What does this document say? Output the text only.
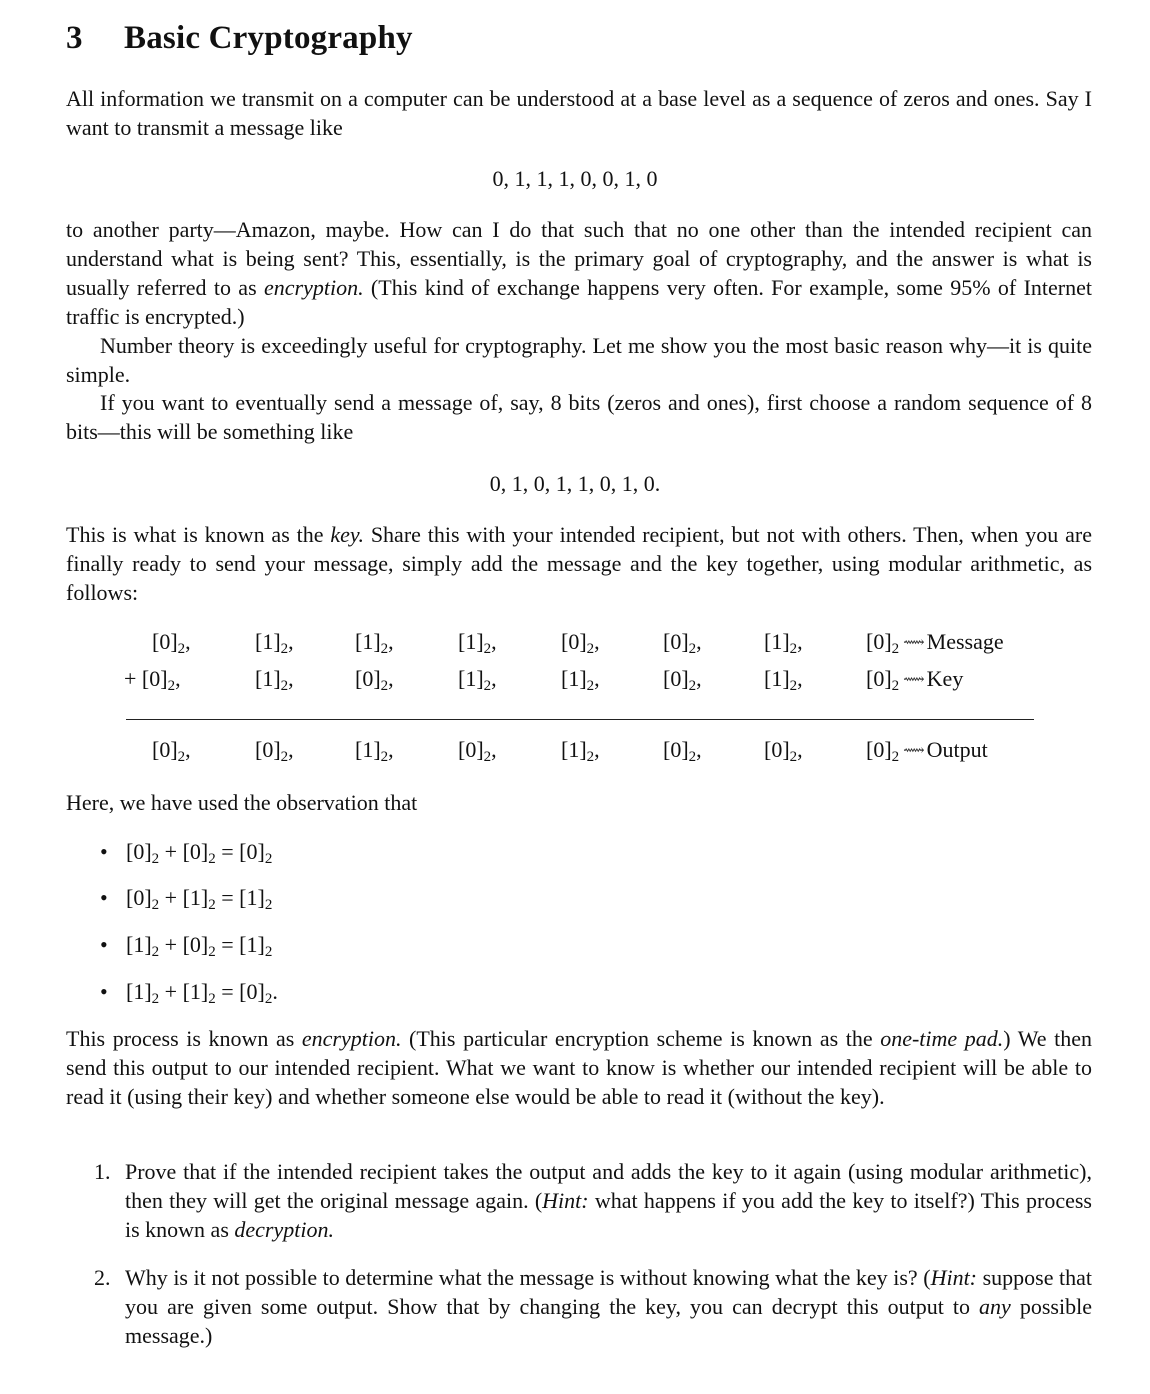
3 Basic Cryptography

All information we transmit on a computer can be understood at a base level as a sequence of zeros and ones. Say I want to transmit a message like

0, 1, 1, 1, 0, 0, 1, 0

to another party—Amazon, maybe. How can I do that such that no one other than the intended recipient can understand what is being sent? This, essentially, is the primary goal of cryptography, and the answer is what is usually referred to as encryption. (This kind of exchange happens very often. For example, some 95% of Internet traffic is encrypted.)

Number theory is exceedingly useful for cryptography. Let me show you the most basic reason why—it is quite simple.

If you want to eventually send a message of, say, 8 bits (zeros and ones), first choose a random sequence of 8 bits—this will be something like

0, 1, 0, 1, 1, 0, 1, 0.

This is what is known as the key. Share this with your intended recipient, but not with others. Then, when you are finally ready to send your message, simply add the message and the key together, using modular arithmetic, as follows:

$[0]_2$,	$[1]_2$,	$[1]_2$,	$[1]_2$,	$[0]_2$,	$[0]_2$,	$[1]_2$,	$[0]_2$ ⟿Message
+ $[0]_2$,	$[1]_2$,	$[0]_2$,	$[1]_2$,	$[1]_2$,	$[0]_2$,	$[1]_2$,	$[0]_2$ ⟿Key
$[0]_2$,	$[0]_2$,	$[1]_2$,	$[0]_2$,	$[1]_2$,	$[0]_2$,	$[0]_2$,	$[0]_2$ ⟿Output

Here, we have used the observation that

• $[0]_2 + [0]_2 = [0]_2$
• $[0]_2 + [1]_2 = [1]_2$
• $[1]_2 + [0]_2 = [1]_2$
• $[1]_2 + [1]_2 = [0]_2$.

This process is known as encryption. (This particular encryption scheme is known as the one-time pad.) We then send this output to our intended recipient. What we want to know is whether our intended recipient will be able to read it (using their key) and whether someone else would be able to read it (without the key).

1. Prove that if the intended recipient takes the output and adds the key to it again (using modular arithmetic), then they will get the original message again. (Hint: what happens if you add the key to itself?) This process is known as decryption.
2. Why is it not possible to determine what the message is without knowing what the key is? (Hint: suppose that you are given some output. Show that by changing the key, you can decrypt this output to any possible message.)
